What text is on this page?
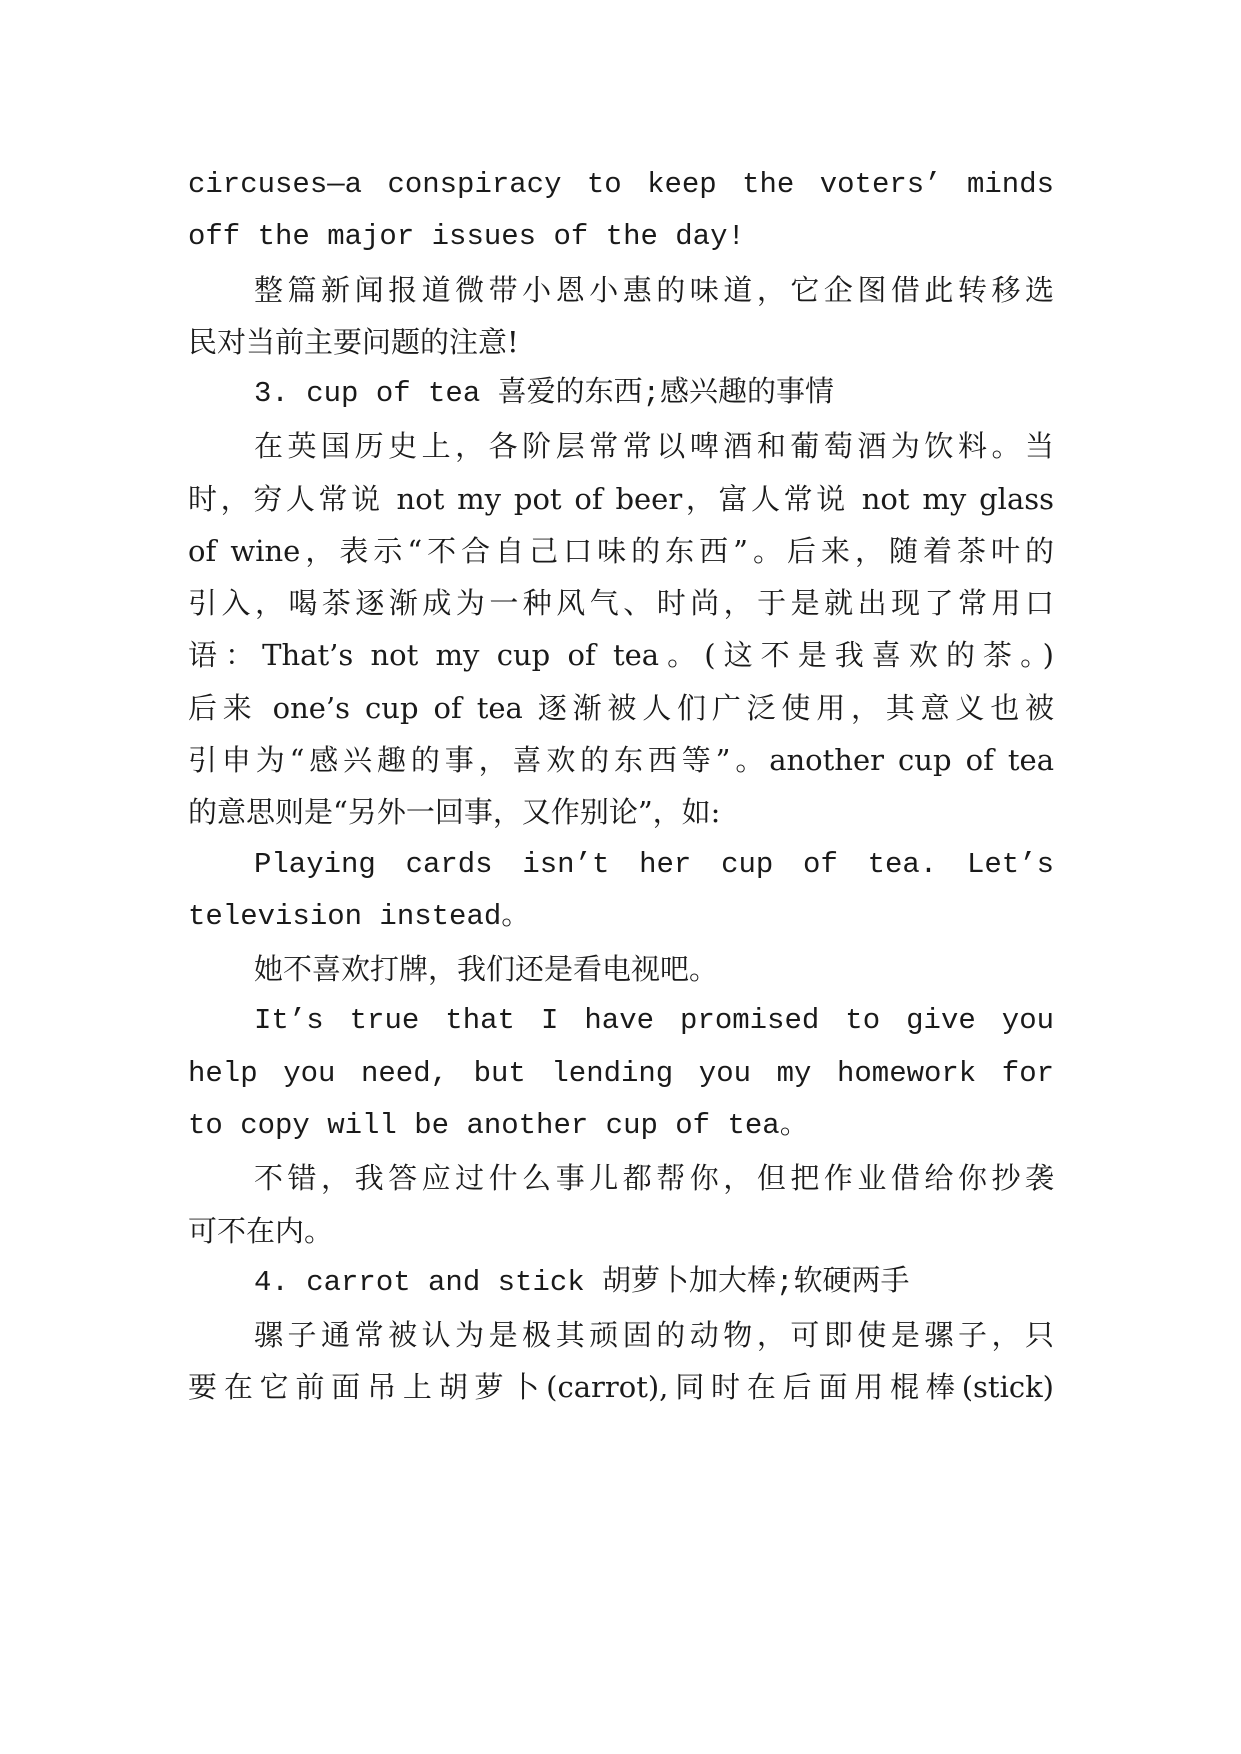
circuses—a conspiracy to keep the voters’ minds
off the major issues of the day!
整篇新闻报道微带小恩小惠的味道，它企图借此转移选
民对当前主要问题的注意!
3. cup of tea 喜爱的东西;感兴趣的事情
在英国历史上，各阶层常常以啤酒和葡萄酒为饮料。当
时，穷人常说 not my pot of beer，富人常说 not my glass
of wine，表示“不合自己口味的东西”。后来，随着茶叶的
引入，喝茶逐渐成为一种风气、时尚，于是就出现了常用口
语：That’s not my cup of tea。(这不是我喜欢的茶。)
后来 one’s cup of tea 逐渐被人们广泛使用，其意义也被
引申为“感兴趣的事，喜欢的东西等”。another cup of tea
的意思则是“另外一回事，又作别论”，如:
Playing cards isn’t her cup of tea. Let’s
television instead。
她不喜欢打牌，我们还是看电视吧。
It’s true that I have promised to give you
help you need, but lending you my homework for
to copy will be another cup of tea。
不错，我答应过什么事儿都帮你，但把作业借给你抄袭
可不在内。
4. carrot and stick 胡萝卜加大棒;软硬两手
骡子通常被认为是极其顽固的动物，可即使是骡子，只
要在它前面吊上胡萝卜(carrot),同时在后面用棍棒(stick)
